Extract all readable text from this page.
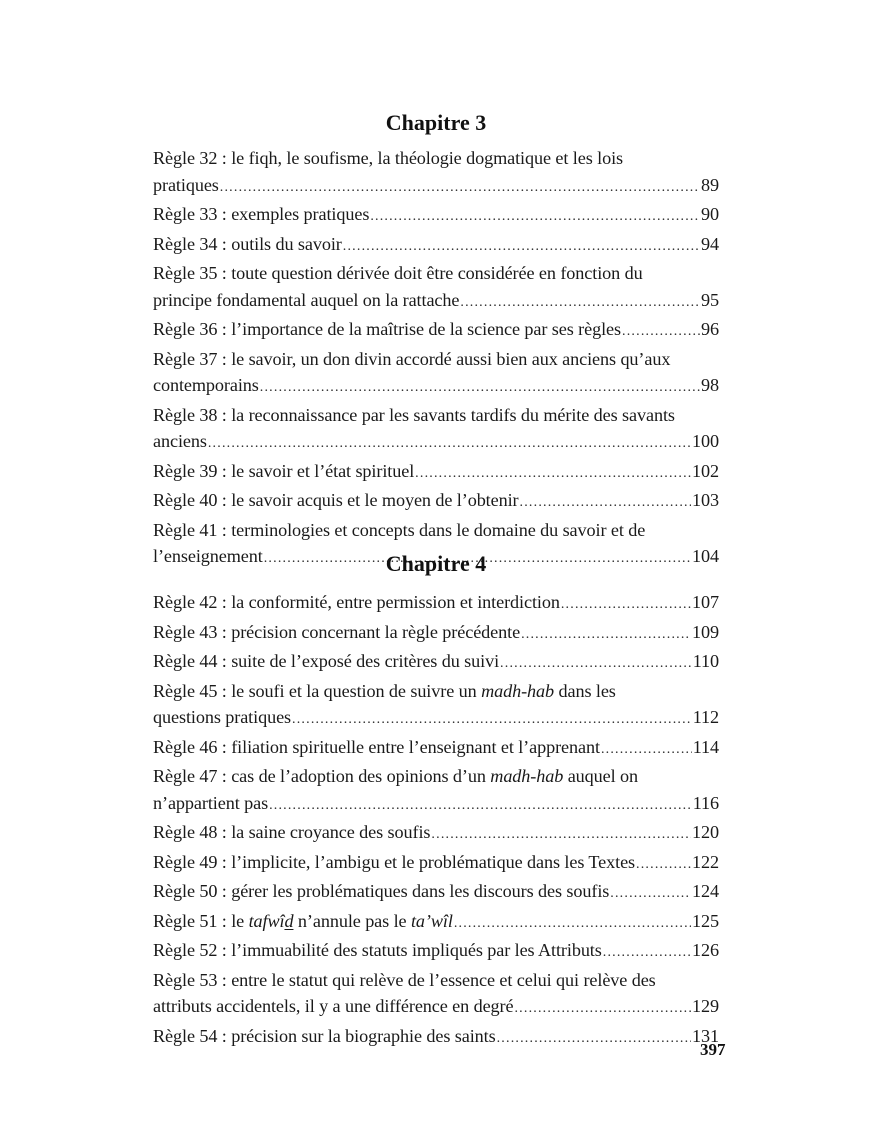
Chapitre 3
Règle 32 : le fiqh, le soufisme, la théologie dogmatique et les lois
pratiques .....	89
Règle 33 : exemples pratiques .....	90
Règle 34 : outils du savoir .....	94
Règle 35 : toute question dérivée doit être considérée en fonction du
principe fondamental auquel on la rattache .....	95
Règle 36 : l’importance de la maîtrise de la science par ses règles .....	96
Règle 37 : le savoir, un don divin accordé aussi bien aux anciens qu’aux
contemporains .....	98
Règle 38 : la reconnaissance par les savants tardifs du mérite des savants
anciens .....	100
Règle 39 : le savoir et l’état spirituel .....	102
Règle 40 : le savoir acquis et le moyen de l’obtenir .....	103
Règle 41 : terminologies et concepts dans le domaine du savoir et de
l’enseignement .....	104
Chapitre 4
Règle 42 : la conformité, entre permission et interdiction .....	107
Règle 43 : précision concernant la règle précédente .....	109
Règle 44 : suite de l’exposé des critères du suivi .....	110
Règle 45 : le soufi et la question de suivre un madh-hab dans les
questions pratiques .....	112
Règle 46 : filiation spirituelle entre l’enseignant et l’apprenant .....	114
Règle 47 : cas de l’adoption des opinions d’un madh-hab auquel on
n’appartient pas .....	116
Règle 48 : la saine croyance des soufis .....	120
Règle 49 : l’implicite, l’ambigu et le problématique dans les Textes .....	122
Règle 50 : gérer les problématiques dans les discours des soufis .....	124
Règle 51 : le tafwîd n’annule pas le ta’wîl .....	125
Règle 52 : l’immuabilité des statuts impliqués par les Attributs .....	126
Règle 53 : entre le statut qui relève de l’essence et celui qui relève des
attributs accidentels, il y a une différence en degré .....	129
Règle 54 : précision sur la biographie des saints .....	131
397
